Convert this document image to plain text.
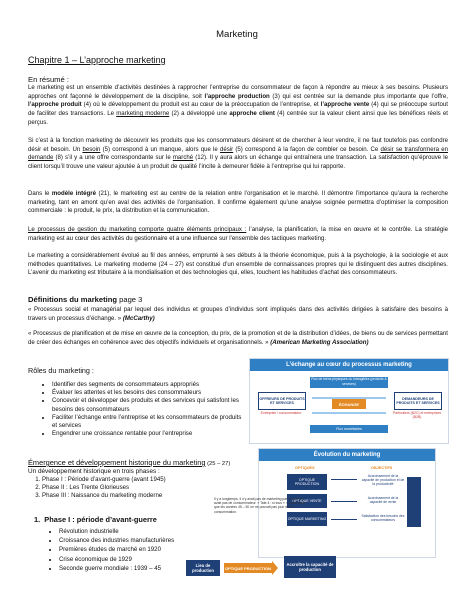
Marketing
Chapitre 1 – L’approche marketing
En résumé :

Le marketing est un ensemble d’activités destinées à rapprocher l’entreprise du consommateur de façon à répondre au mieux à ses besoins. Plusieurs approches ont façonné le développement de la discipline, soit l’approche production (3) qui est centrée sur la demande plus importante que l’offre, l’approche produit (4) où le développement du produit est au cœur de la préoccupation de l’entreprise, et l’approche vente (4) qui se préoccupe surtout de faciliter des transactions. Le marketing moderne (2) a développé une approche client (4) centrée sur la valeur client ainsi que les bénéfices réels et perçus.

Si c’est à la fonction marketing de découvrir les produits que les consommateurs désirent et de chercher à leur vendre, il ne faut toutefois pas confondre désir et besoin. Un besoin (5) correspond à un manque, alors que le désir (5) correspond à la façon de combler ce besoin. Ce désir se transformera en demande (8) s’il y a une offre correspondante sur le marché (12). Il y aura alors un échange qui entraînera une transaction. La satisfaction qu’éprouve le client lorsqu’il trouve une valeur ajoutée à un produit de qualité l’incite à demeurer fidèle à l’entreprise qui lui rapporte.

Dans le modèle intégré (21), le marketing est au centre de la relation entre l’organisation et le marché. Il démontre l’importance qu’aura la recherche marketing, tant en amont qu’en aval des activités de l’organisation. Il confirme également qu’une analyse soignée permettra d’optimiser la composition commerciale : le produit, le prix, la distribution et la communication.

Le processus de gestion du marketing comporte quatre éléments principaux : l’analyse, la planification, la mise en œuvre et le contrôle. La stratégie marketing est au cœur des activités du gestionnaire et a une influence sur l’ensemble des tactiques marketing.

Le marketing a considérablement évolué au fil des années, emprunté à ses débuts à la théorie économique, puis à la psychologie, à la sociologie et aux méthodes quantitatives. Le marketing moderne (24 – 27) est constitué d’un ensemble de connaissances propres qui le distinguent des autres disciplines. L’avenir du marketing est tributaire à la mondialisation et des technologies qui, elles, touchent les habitudes d’achat des consommateurs.

Définitions du marketing page 3

« Processus social et managérial par lequel des individus et groupes d’individus sont impliqués dans des activités dirigées à satisfaire des besoins à travers un processus d’échange. » (McCarthy)

« Processus de planification et de mise en œuvre de la conception, du prix, de la promotion et de la distribution d’idées, de biens ou de services permettant de créer des échanges en cohérence avec des objectifs individuels et organisationnels. » (American Marketing Association)

Rôles du marketing :
• Identifier des segments de consommateurs appropriés
• Évaluer les attentes et les besoins des consommateurs
• Concevoir et développer des produits et des services qui satisfont les besoins des consommateurs
• Faciliter l’échange entre l’entreprise et les consommateurs de produits et services
• Engendrer une croissance rentable pour l’entreprise
Émergence et développement historique du marketing (25 – 27)
Un développement historique en trois phases :
1. Phase I : Période d’avant-guerre (avant 1945)
2. Phase II : Les Trente Glorieuses
3. Phase III : Naissance du marketing moderne
1.  Phase I : période d’avant-guerre
• Révolution industrielle
• Croissance des industries manufacturières
• Premières études de marché en 1920
• Crise économique de 1929
• Seconde guerre mondiale : 1939 – 45
L’échange au cœur du processus marketing
Flux de biens physiques ou intangibles (produits & services)
OFFREURS DE PRODUITS ET SERVICES
DEMANDEURS DE PRODUITS ET SERVICES
ÉCHANGE
Entreprise / consommateur	Particuliers (B2C) et entreprises (B2B)
Flux monétaires
Évolution du marketing
OPTIQUES	OBJECTIFS
OPTIQUE PRODUCTION
Accroissement de la capacité de production et de la productivité
OPTIQUE VENTE
Accroissement de la capacité de vente
OPTIQUE MARKETING
Satisfaction des besoins des consommateurs
Il y a longtemps, il n’y avait pas de marketing parce qu’il n’y avait pas de consommateur. « Tate 4 : si tous « » Cela parce que les années 45 – 50 on ne pouvait pas jouir de la consommation.
Lieu de production	OPTIQUE PRODUCTION
Accroître la capacité de production
